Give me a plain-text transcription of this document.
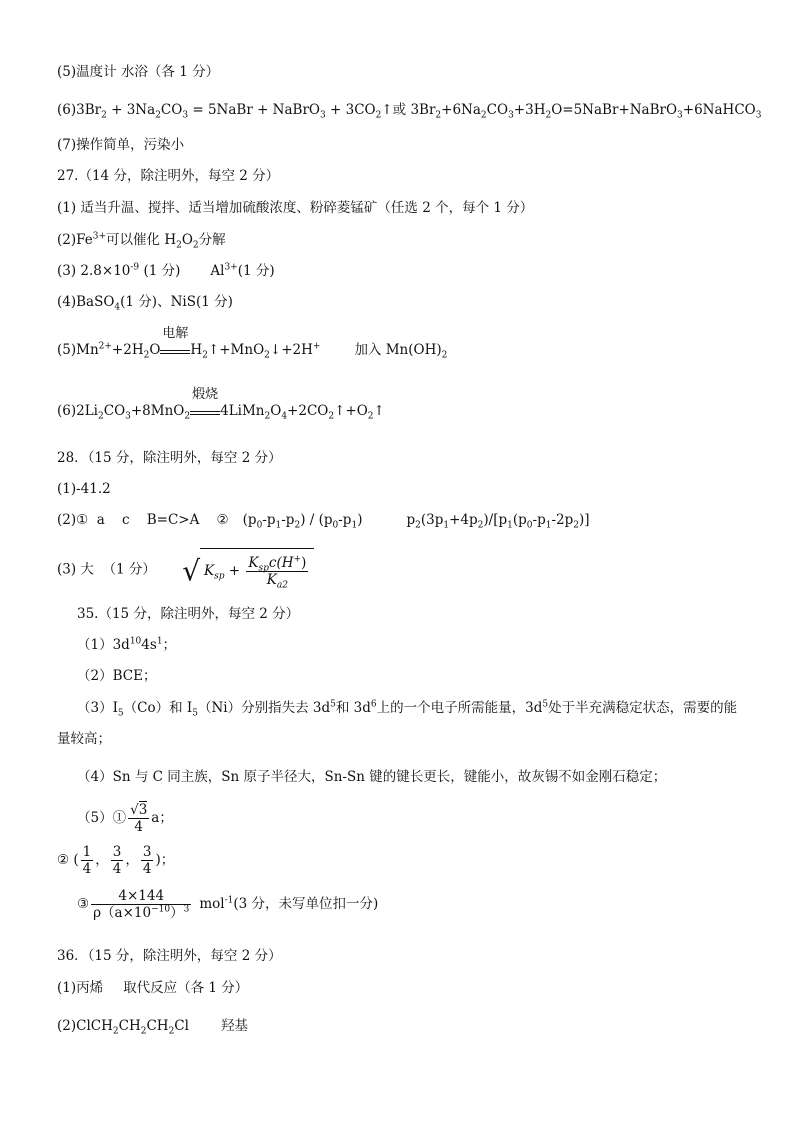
(5)温度计 水浴（各 1 分）
$(6)3Br_2 + 3Na_2CO_3$ = 5NaBr + NaBrO$_3$ + $3CO_2↑$或 $3Br_2+6Na_2CO_3+3H_2O=5NaBr+NaBrO_3+6NaHCO_3$
(7)操作简单，污染小
27.（14 分，除注明外，每空 2 分）
(1) 适当升温、搅拌、适当增加硫酸浓度、粉碎菱锰矿（任选 2 个，每个 1 分）
$(2)Fe^{3+}$可以催化 $H_2O_2$分解
(3) $2.8\times 10^{-9}$ (1 分) $Al^{3+}(1$ 分)
(4)BaSO$_4$(1 分)、NiS(1 分)
$(5)Mn^{2+}+2H_2O$
电解
$H_2↑+MnO_2↓+2H^+$	加入 $Mn(OH)_2$
$(6)2Li_2CO_3+8MnO_2$
煅烧
$4LiMn_2O_4+2CO_2↑+O_2↑$
28．（15 分，除注明外，每空 2 分）
(1)-41.2
(2)①  a    c    B=C>A    ② $(p_0-p_1-p_2) / (p_0-p_1)$	$p_2(3p_1+4p_2)/[p_1(p_0-p_1-2p_2)]$
(3) 大  （1 分） √ $K_{sp} + \frac{K_{sp}c(H^+)}{K_{a2}}$
35.（15 分，除注明外，每空 2 分）
$(1)3d^{10}4s^1$；
（2）BCE；
$(3)I_5(Co)$和 $I_5(Ni)$分别指失去 $3d^5$和 $3d^6$上的一个电子所需能量，$3d^5$处于半充满稳定状态，需要的能
量较高；
（4）Sn 与 C 同主族，Sn 原子半径大，Sn-Sn 键的键长更长，键能小，故灰锡不如金刚石稳定；
（5）① $\frac{√3}{4}$ a；
② ( $\frac{1}{4}$ ， $\frac{3}{4}$ ， $\frac{3}{4}$ )；
③ $\frac{4\times 144}{\rho(a\times 10^{-10})^3} mol^{-1}(3$ 分，未写单位扣一分)
36．（15 分，除注明外，每空 2 分）
(1)丙烯 取代反应（各 1 分）
$(2)ClCH_2CH_2CH_2Cl$ 羟基
